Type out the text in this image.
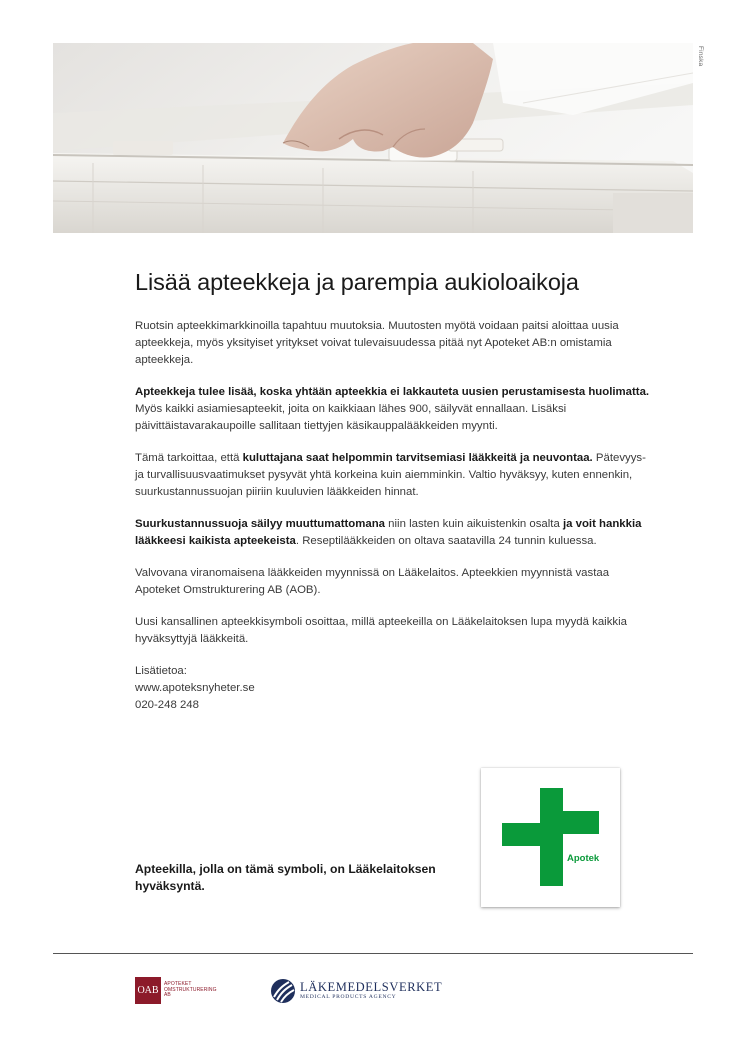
Finska
Lisää apteekkeja ja parempia aukioloaikoja

Ruotsin apteekkimarkkinoilla tapahtuu muutoksia. Muutosten myötä voidaan paitsi aloittaa uusia apteekkeja, myös yksityiset yritykset voivat tulevaisuudessa pitää nyt Apoteket AB:n omistamia apteekkeja.

Apteekkeja tulee lisää, koska yhtään apteekkia ei lakkauteta uusien perustamisesta huolimatta. Myös kaikki asiamiesapteekit, joita on kaikkiaan lähes 900, säilyvät ennallaan. Lisäksi päivittäistavarakaupoille sallitaan tiettyjen käsikauppalääkkeiden myynti.

Tämä tarkoittaa, että kuluttajana saat helpommin tarvitsemiasi lääkkeitä ja neuvontaa. Pätevyys- ja turvallisuusvaatimukset pysyvät yhtä korkeina kuin aiemminkin. Valtio hyväksyy, kuten ennenkin, suurkustannussuojan piiriin kuuluvien lääkkeiden hinnat.

Suurkustannussuoja säilyy muuttumattomana niin lasten kuin aikuistenkin osalta ja voit hankkia lääkkeesi kaikista apteekeista. Reseptilääkkeiden on oltava saatavilla 24 tunnin kuluessa.

Valvovana viranomaisena lääkkeiden myynnissä on Lääkelaitos. Apteekkien myynnistä vastaa Apoteket Omstrukturering AB (AOB).

Uusi kansallinen apteekkisymboli osoittaa, millä apteekeilla on Lääkelaitoksen lupa myydä kaikkia hyväksyttyjä lääkkeitä.

Lisätietoa:

www.apoteksnyheter.se

020-248 248

Apotek

Apteekilla, jolla on tämä symboli, on Lääkelaitoksen hyväksyntä.

OAB
APOTEKET
OMSTRUKTURERING
AB
LÄKEMEDELSVERKET
MEDICAL PRODUCTS AGENCY
